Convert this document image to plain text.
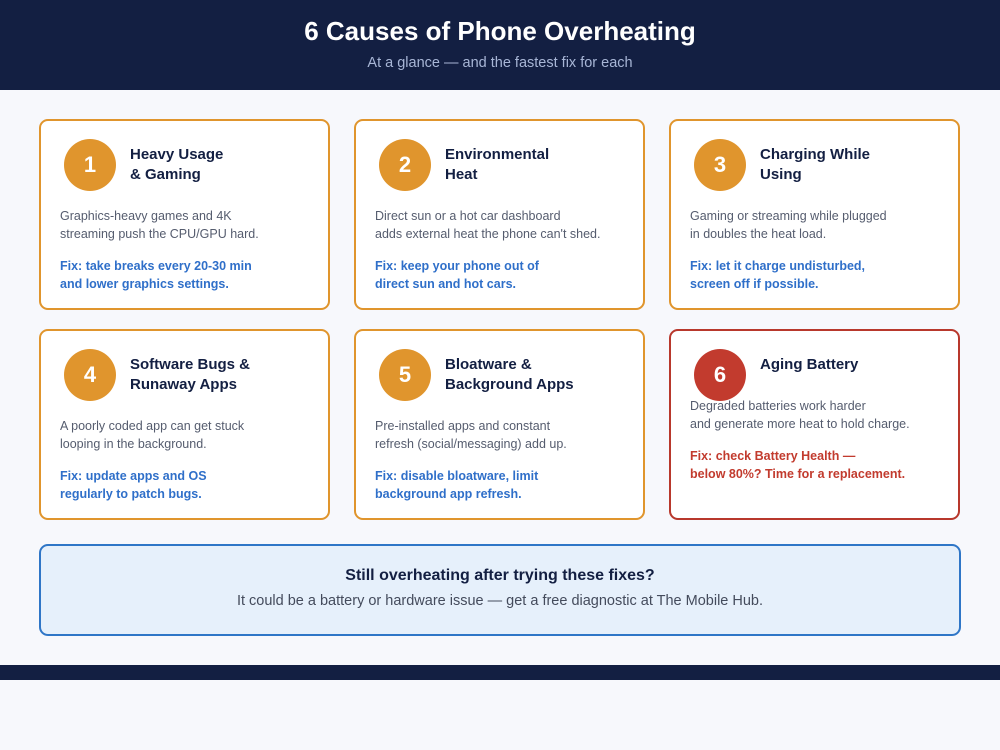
6 Causes of Phone Overheating
At a glance — and the fastest fix for each
1	Heavy Usage
& Gaming
Graphics-heavy games and 4K
streaming push the CPU/GPU hard.
Fix: take breaks every 20-30 min
and lower graphics settings.
2	Environmental
Heat
Direct sun or a hot car dashboard
adds external heat the phone can't shed.
Fix: keep your phone out of
direct sun and hot cars.
3	Charging While
Using
Gaming or streaming while plugged
in doubles the heat load.
Fix: let it charge undisturbed,
screen off if possible.
4	Software Bugs &
Runaway Apps
A poorly coded app can get stuck
looping in the background.
Fix: update apps and OS
regularly to patch bugs.
5	Bloatware &
Background Apps
Pre-installed apps and constant
refresh (social/messaging) add up.
Fix: disable bloatware, limit
background app refresh.
6	Aging Battery
Degraded batteries work harder
and generate more heat to hold charge.
Fix: check Battery Health —
below 80%? Time for a replacement.
Still overheating after trying these fixes?
It could be a battery or hardware issue — get a free diagnostic at The Mobile Hub.
